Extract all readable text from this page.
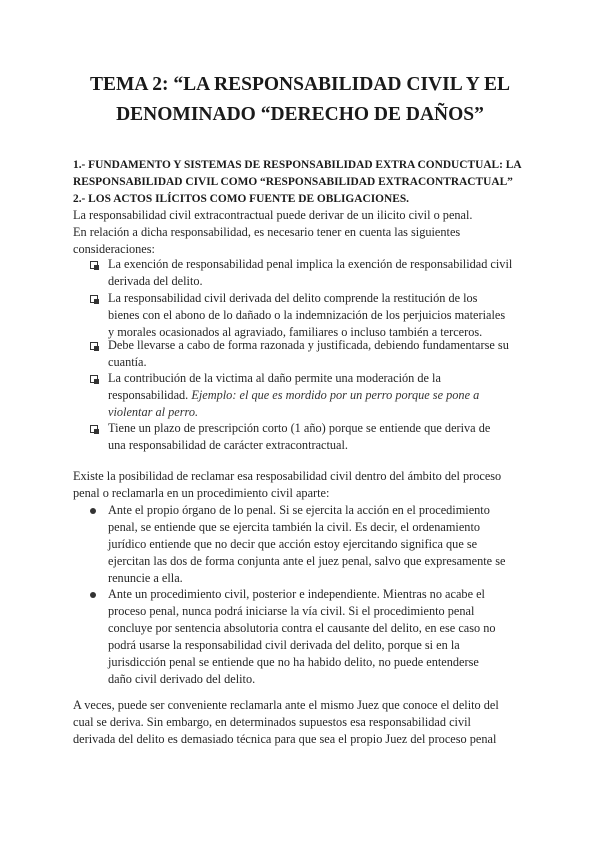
TEMA 2: “LA RESPONSABILIDAD CIVIL Y EL
DENOMINADO “DERECHO DE DAÑOS”
1.- FUNDAMENTO Y SISTEMAS DE RESPONSABILIDAD EXTRA CONDUCTUAL: LA
RESPONSABILIDAD CIVIL COMO “RESPONSABILIDAD EXTRACONTRACTUAL”
2.- LOS ACTOS ILÍCITOS COMO FUENTE DE OBLIGACIONES.
La responsabilidad civil extracontractual puede derivar de un ilicito civil o penal.
En relación a dicha responsabilidad, es necesario tener en cuenta las siguientes
consideraciones:
La exención de responsabilidad penal implica la exención de responsabilidad civil
derivada del delito.
La responsabilidad civil derivada del delito comprende la restitución de los
bienes con el abono de lo dañado o la indemnización de los perjuicios materiales
y morales ocasionados al agraviado, familiares o incluso también a terceros.
Debe llevarse a cabo de forma razonada y justificada, debiendo fundamentarse su
cuantía.
La contribución de la victima al daño permite una moderación de la
responsabilidad. Ejemplo: el que es mordido por un perro porque se pone a
violentar al perro.
Tiene un plazo de prescripción corto (1 año) porque se entiende que deriva de
una responsabilidad de carácter extracontractual.
Existe la posibilidad de reclamar esa resposabilidad civil dentro del ámbito del proceso
penal o reclamarla en un procedimiento civil aparte:
Ante el propio órgano de lo penal. Si se ejercita la acción en el procedimiento
penal, se entiende que se ejercita también la civil. Es decir, el ordenamiento
jurídico entiende que no decir que acción estoy ejercitando significa que se
ejercitan las dos de forma conjunta ante el juez penal, salvo que expresamente se
renuncie a ella.
Ante un procedimiento civil, posterior e independiente. Mientras no acabe el
proceso penal, nunca podrá iniciarse la vía civil. Si el procedimiento penal
concluye por sentencia absolutoria contra el causante del delito, en ese caso no
podrá usarse la responsabilidad civil derivada del delito, porque si en la
jurisdicción penal se entiende que no ha habido delito, no puede entenderse
daño civil derivado del delito.
A veces, puede ser conveniente reclamarla ante el mismo Juez que conoce el delito del
cual se deriva. Sin embargo, en determinados supuestos esa responsabilidad civil
derivada del delito es demasiado técnica para que sea el propio Juez del proceso penal
